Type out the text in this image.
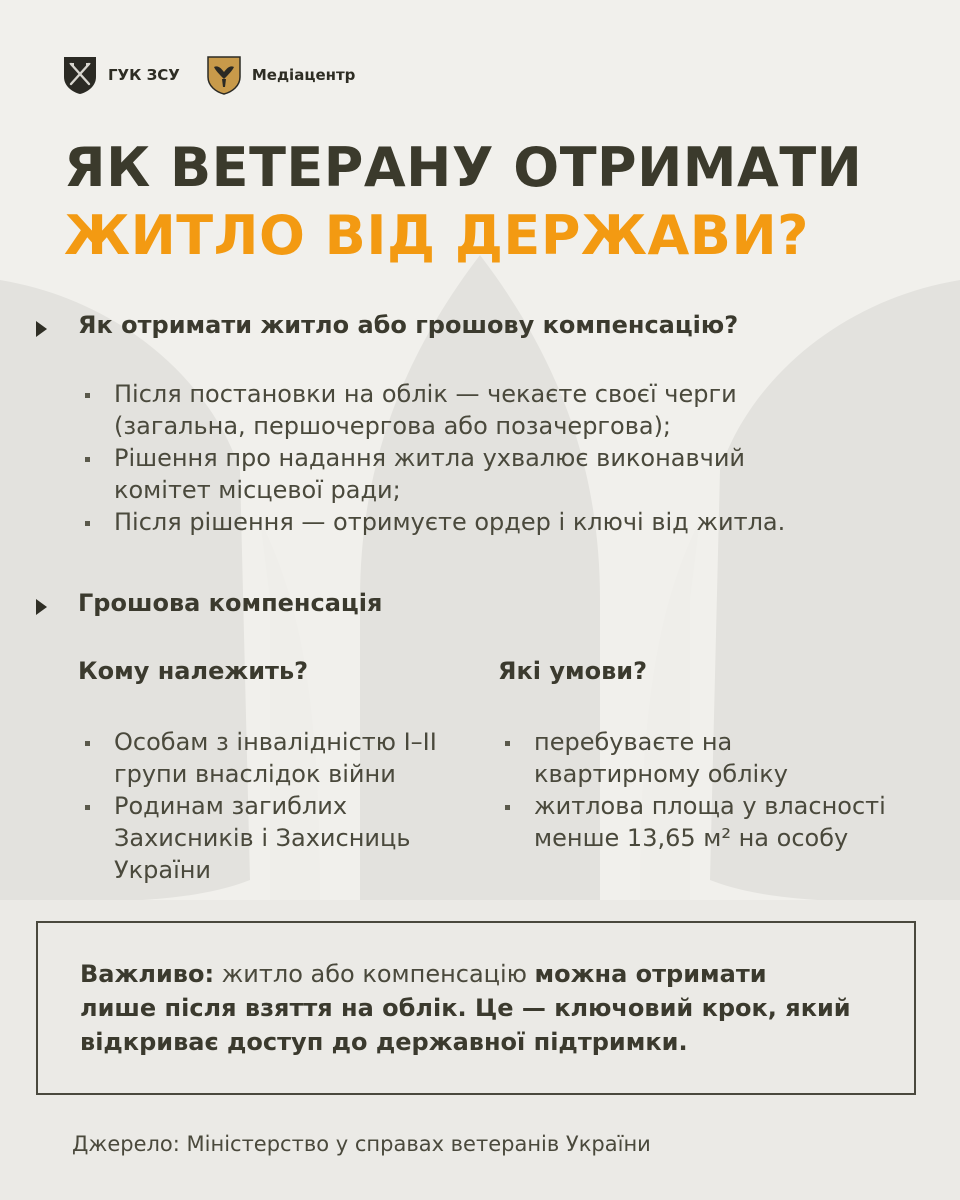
ГУК ЗСУ	Медіацентр
ЯК ВЕТЕРАНУ ОТРИМАТИ
ЖИТЛО ВІД ДЕРЖАВИ?
Як отримати житло або грошову компенсацію?
Після постановки на облік — чекаєте своєї черги
(загальна, першочергова або позачергова);
Рішення про надання житла ухвалює виконавчий
комітет місцевої ради;
Після рішення — отримуєте ордер і ключі від житла.
Грошова компенсація
Кому належить?	Які умови?
Особам з інвалідністю І–ІІ
групи внаслідок війни
Родинам загиблих
Захисників і Захисниць
України
перебуваєте на
квартирному обліку
житлова площа у власності
менше 13,65 м² на особу

Важливо: житло або компенсацію можна отримати
лише після взяття на облік. Це — ключовий крок, який
відкриває доступ до державної підтримки.

Джерело: Міністерство у справах ветеранів України
